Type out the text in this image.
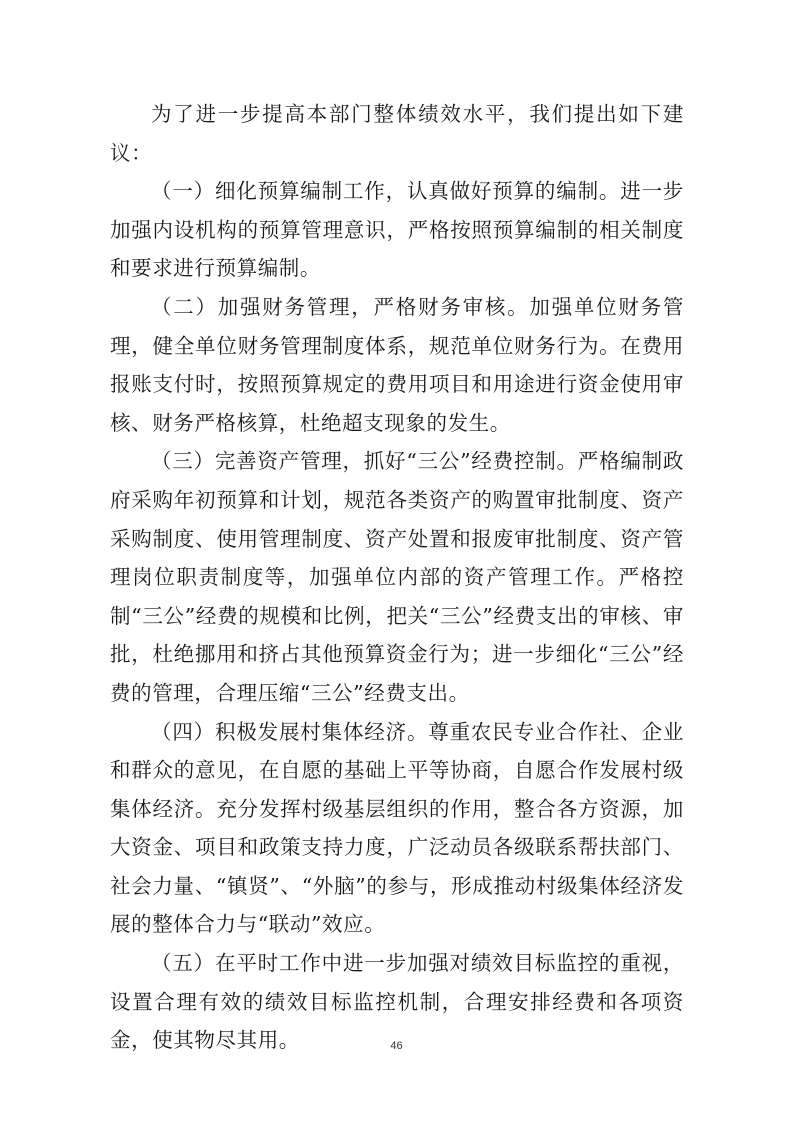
为了进一步提高本部门整体绩效水平，我们提出如下建议：

（一）细化预算编制工作，认真做好预算的编制。进一步加强内设机构的预算管理意识，严格按照预算编制的相关制度和要求进行预算编制。

（二）加强财务管理，严格财务审核。加强单位财务管理，健全单位财务管理制度体系，规范单位财务行为。在费用报账支付时，按照预算规定的费用项目和用途进行资金使用审核、财务严格核算，杜绝超支现象的发生。

（三）完善资产管理，抓好“三公”经费控制。严格编制政府采购年初预算和计划，规范各类资产的购置审批制度、资产采购制度、使用管理制度、资产处置和报废审批制度、资产管理岗位职责制度等，加强单位内部的资产管理工作。严格控制“三公”经费的规模和比例，把关“三公”经费支出的审核、审批，杜绝挪用和挤占其他预算资金行为；进一步细化“三公”经费的管理，合理压缩“三公”经费支出。

（四）积极发展村集体经济。尊重农民专业合作社、企业和群众的意见，在自愿的基础上平等协商，自愿合作发展村级集体经济。充分发挥村级基层组织的作用，整合各方资源，加大资金、项目和政策支持力度，广泛动员各级联系帮扶部门、社会力量、“镇贤”、“外脑”的参与，形成推动村级集体经济发展的整体合力与“联动”效应。

（五）在平时工作中进一步加强对绩效目标监控的重视，设置合理有效的绩效目标监控机制，合理安排经费和各项资金，使其物尽其用。	46
